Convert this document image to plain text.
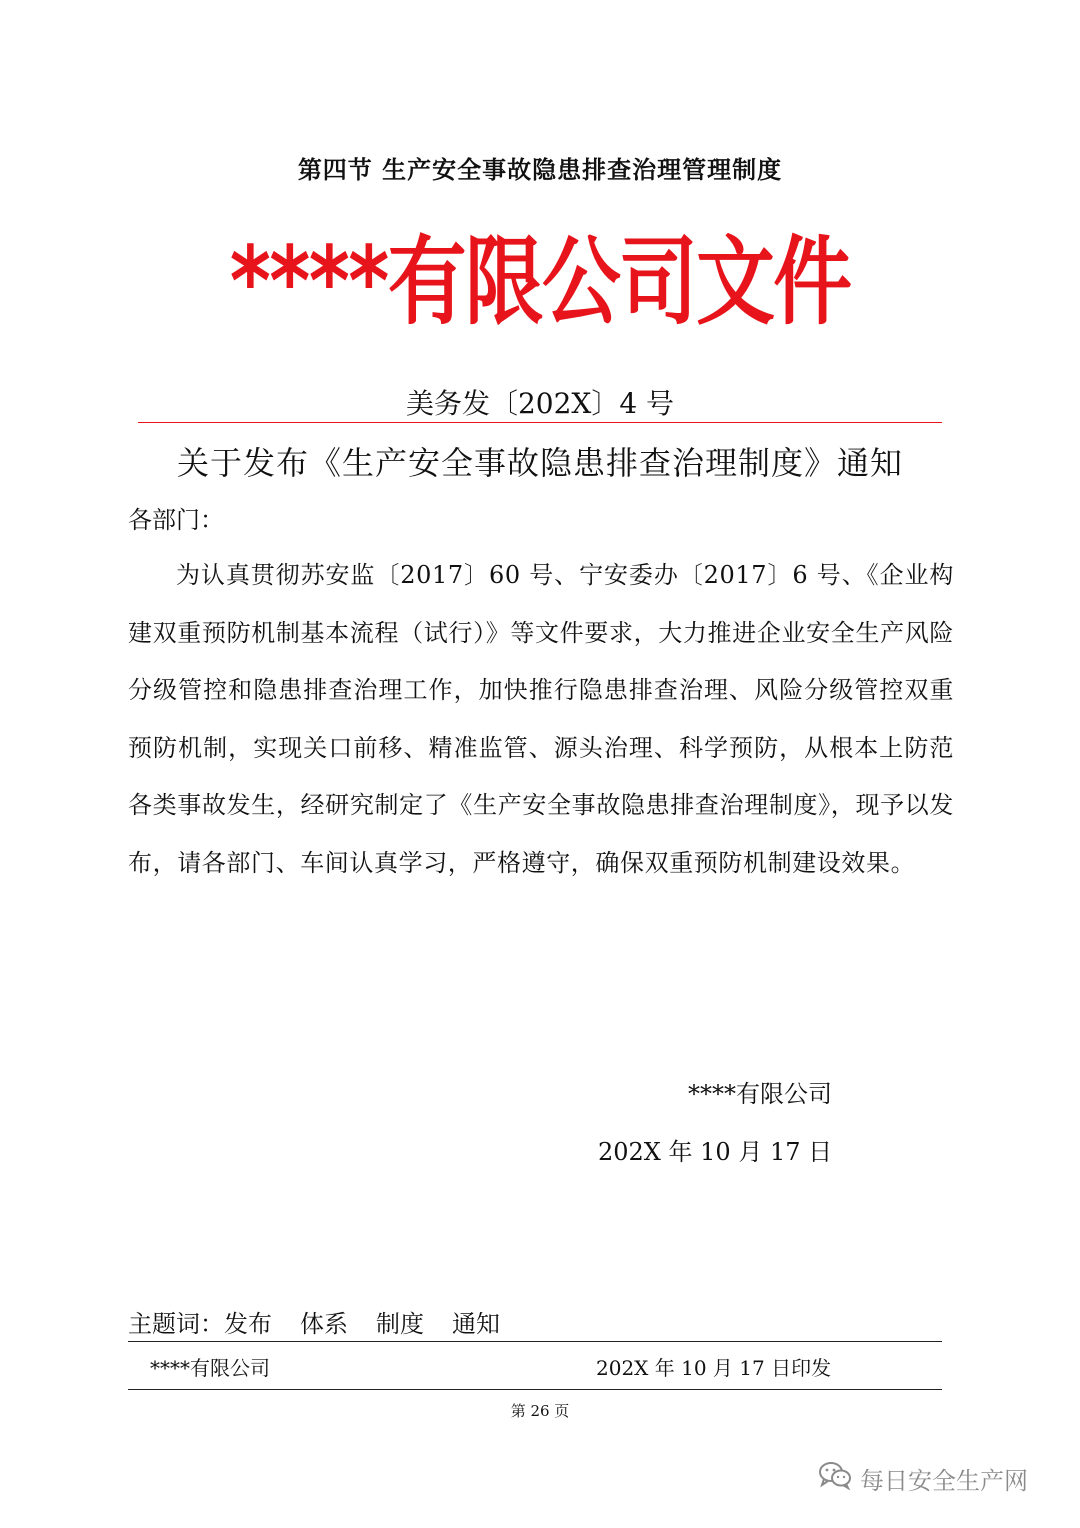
第四节 生产安全事故隐患排查治理管理制度
****有限公司文件
美务发〔202X〕4 号
关于发布《生产安全事故隐患排查治理制度》通知
各部门：
为认真贯彻苏安监〔2017〕60 号、宁安委办〔2017〕6 号、《企业构建双重预防机制基本流程（试行）》等文件要求，大力推进企业安全生产风险分级管控和隐患排查治理工作，加快推行隐患排查治理、风险分级管控双重预防机制，实现关口前移、精准监管、源头治理、科学预防，从根本上防范各类事故发生，经研究制定了《生产安全事故隐患排查治理制度》，现予以发布，请各部门、车间认真学习，严格遵守，确保双重预防机制建设效果。
****有限公司
202X 年 10 月 17 日
主题词：发布 体系 制度 通知
****有限公司	202X 年 10 月 17 日印发
第 26 页
每日安全生产网
